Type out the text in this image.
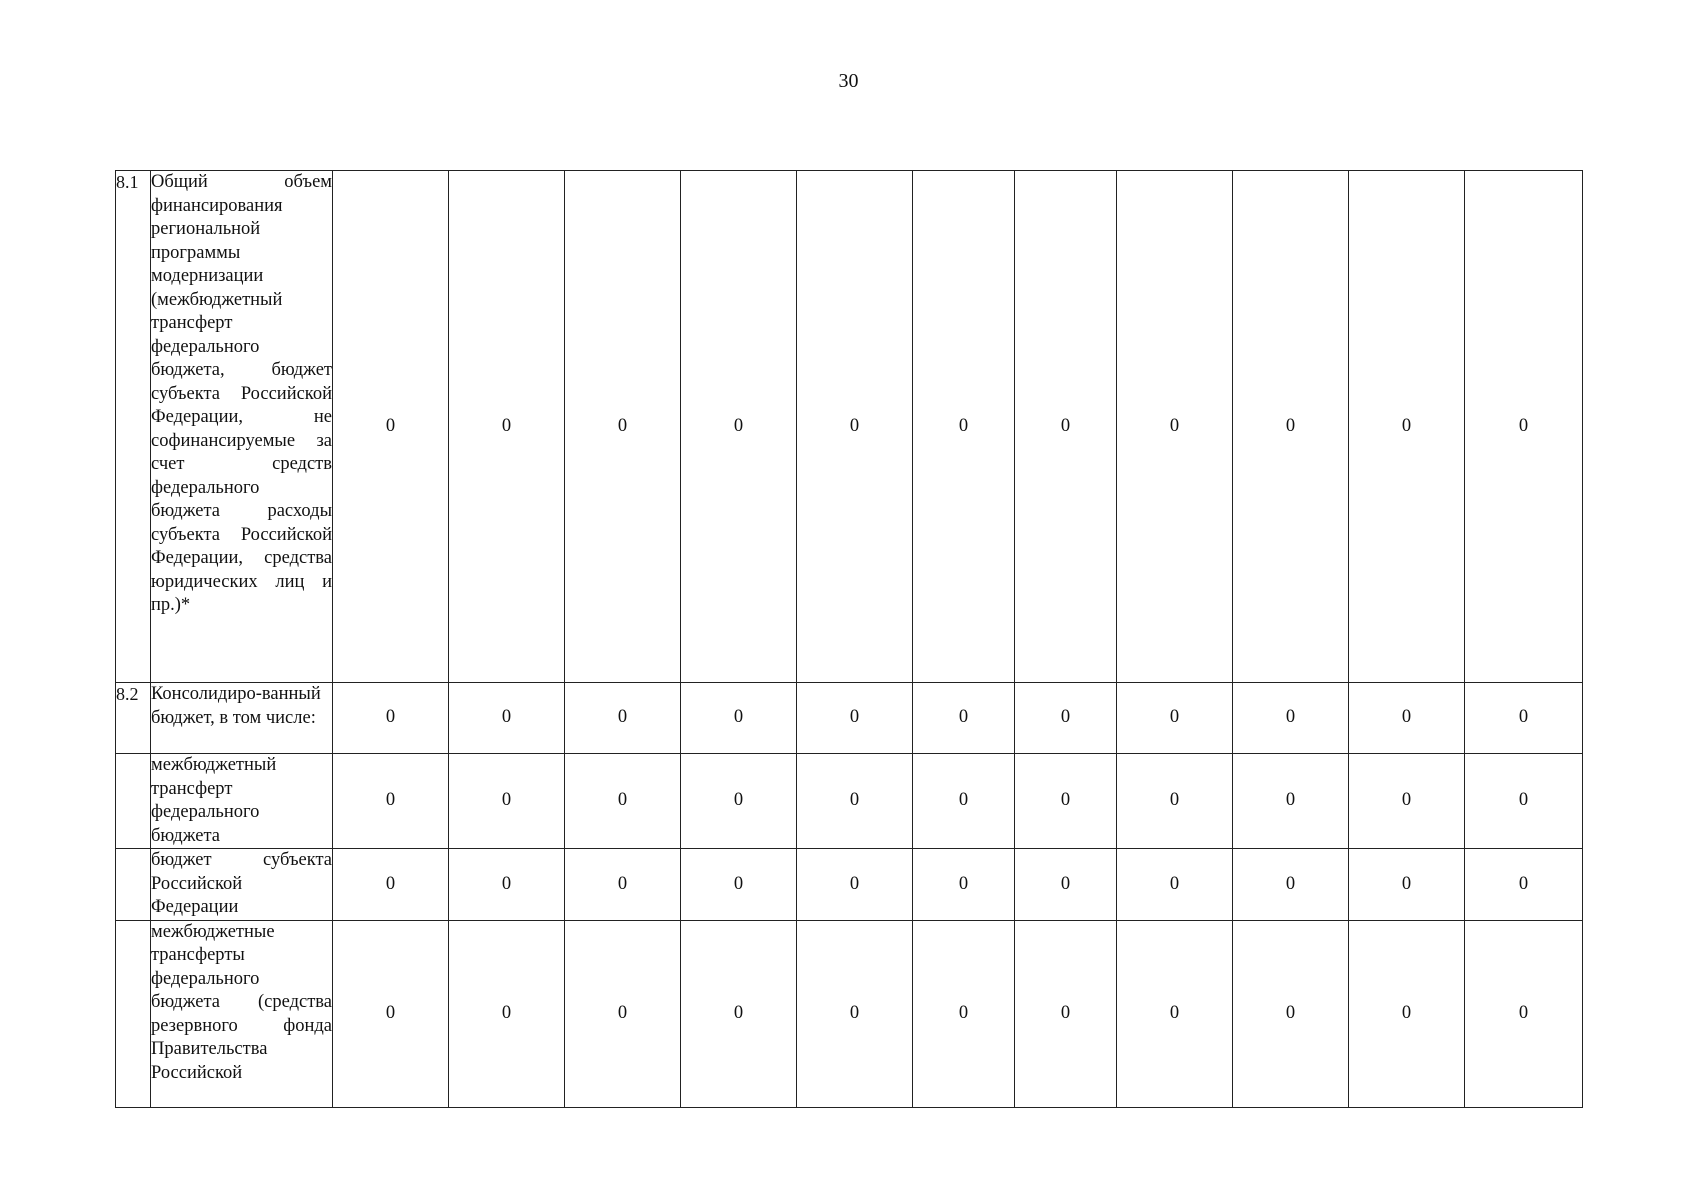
30
8.1	Общий объем финансирования региональной программы модернизации (межбюджетный трансферт федерального бюджета, бюджет субъекта Российской Федерации, не софинансируемые за счет средств федерального бюджета расходы субъекта Российской Федерации, средства юридических лиц и пр.)*	0	0	0	0	0	0	0	0	0	0	0
8.2	Консолидиро-ванный бюджет, в том числе:	0	0	0	0	0	0	0	0	0	0	0

	межбюджетный трансферт федерального бюджета	0	0	0	0	0	0	0	0	0	0	0

	бюджет субъекта Российской Федерации	0	0	0	0	0	0	0	0	0	0	0

	межбюджетные трансферты федерального бюджета (средства резервного фонда Правительства Российской	0	0	0	0	0	0	0	0	0	0	0
